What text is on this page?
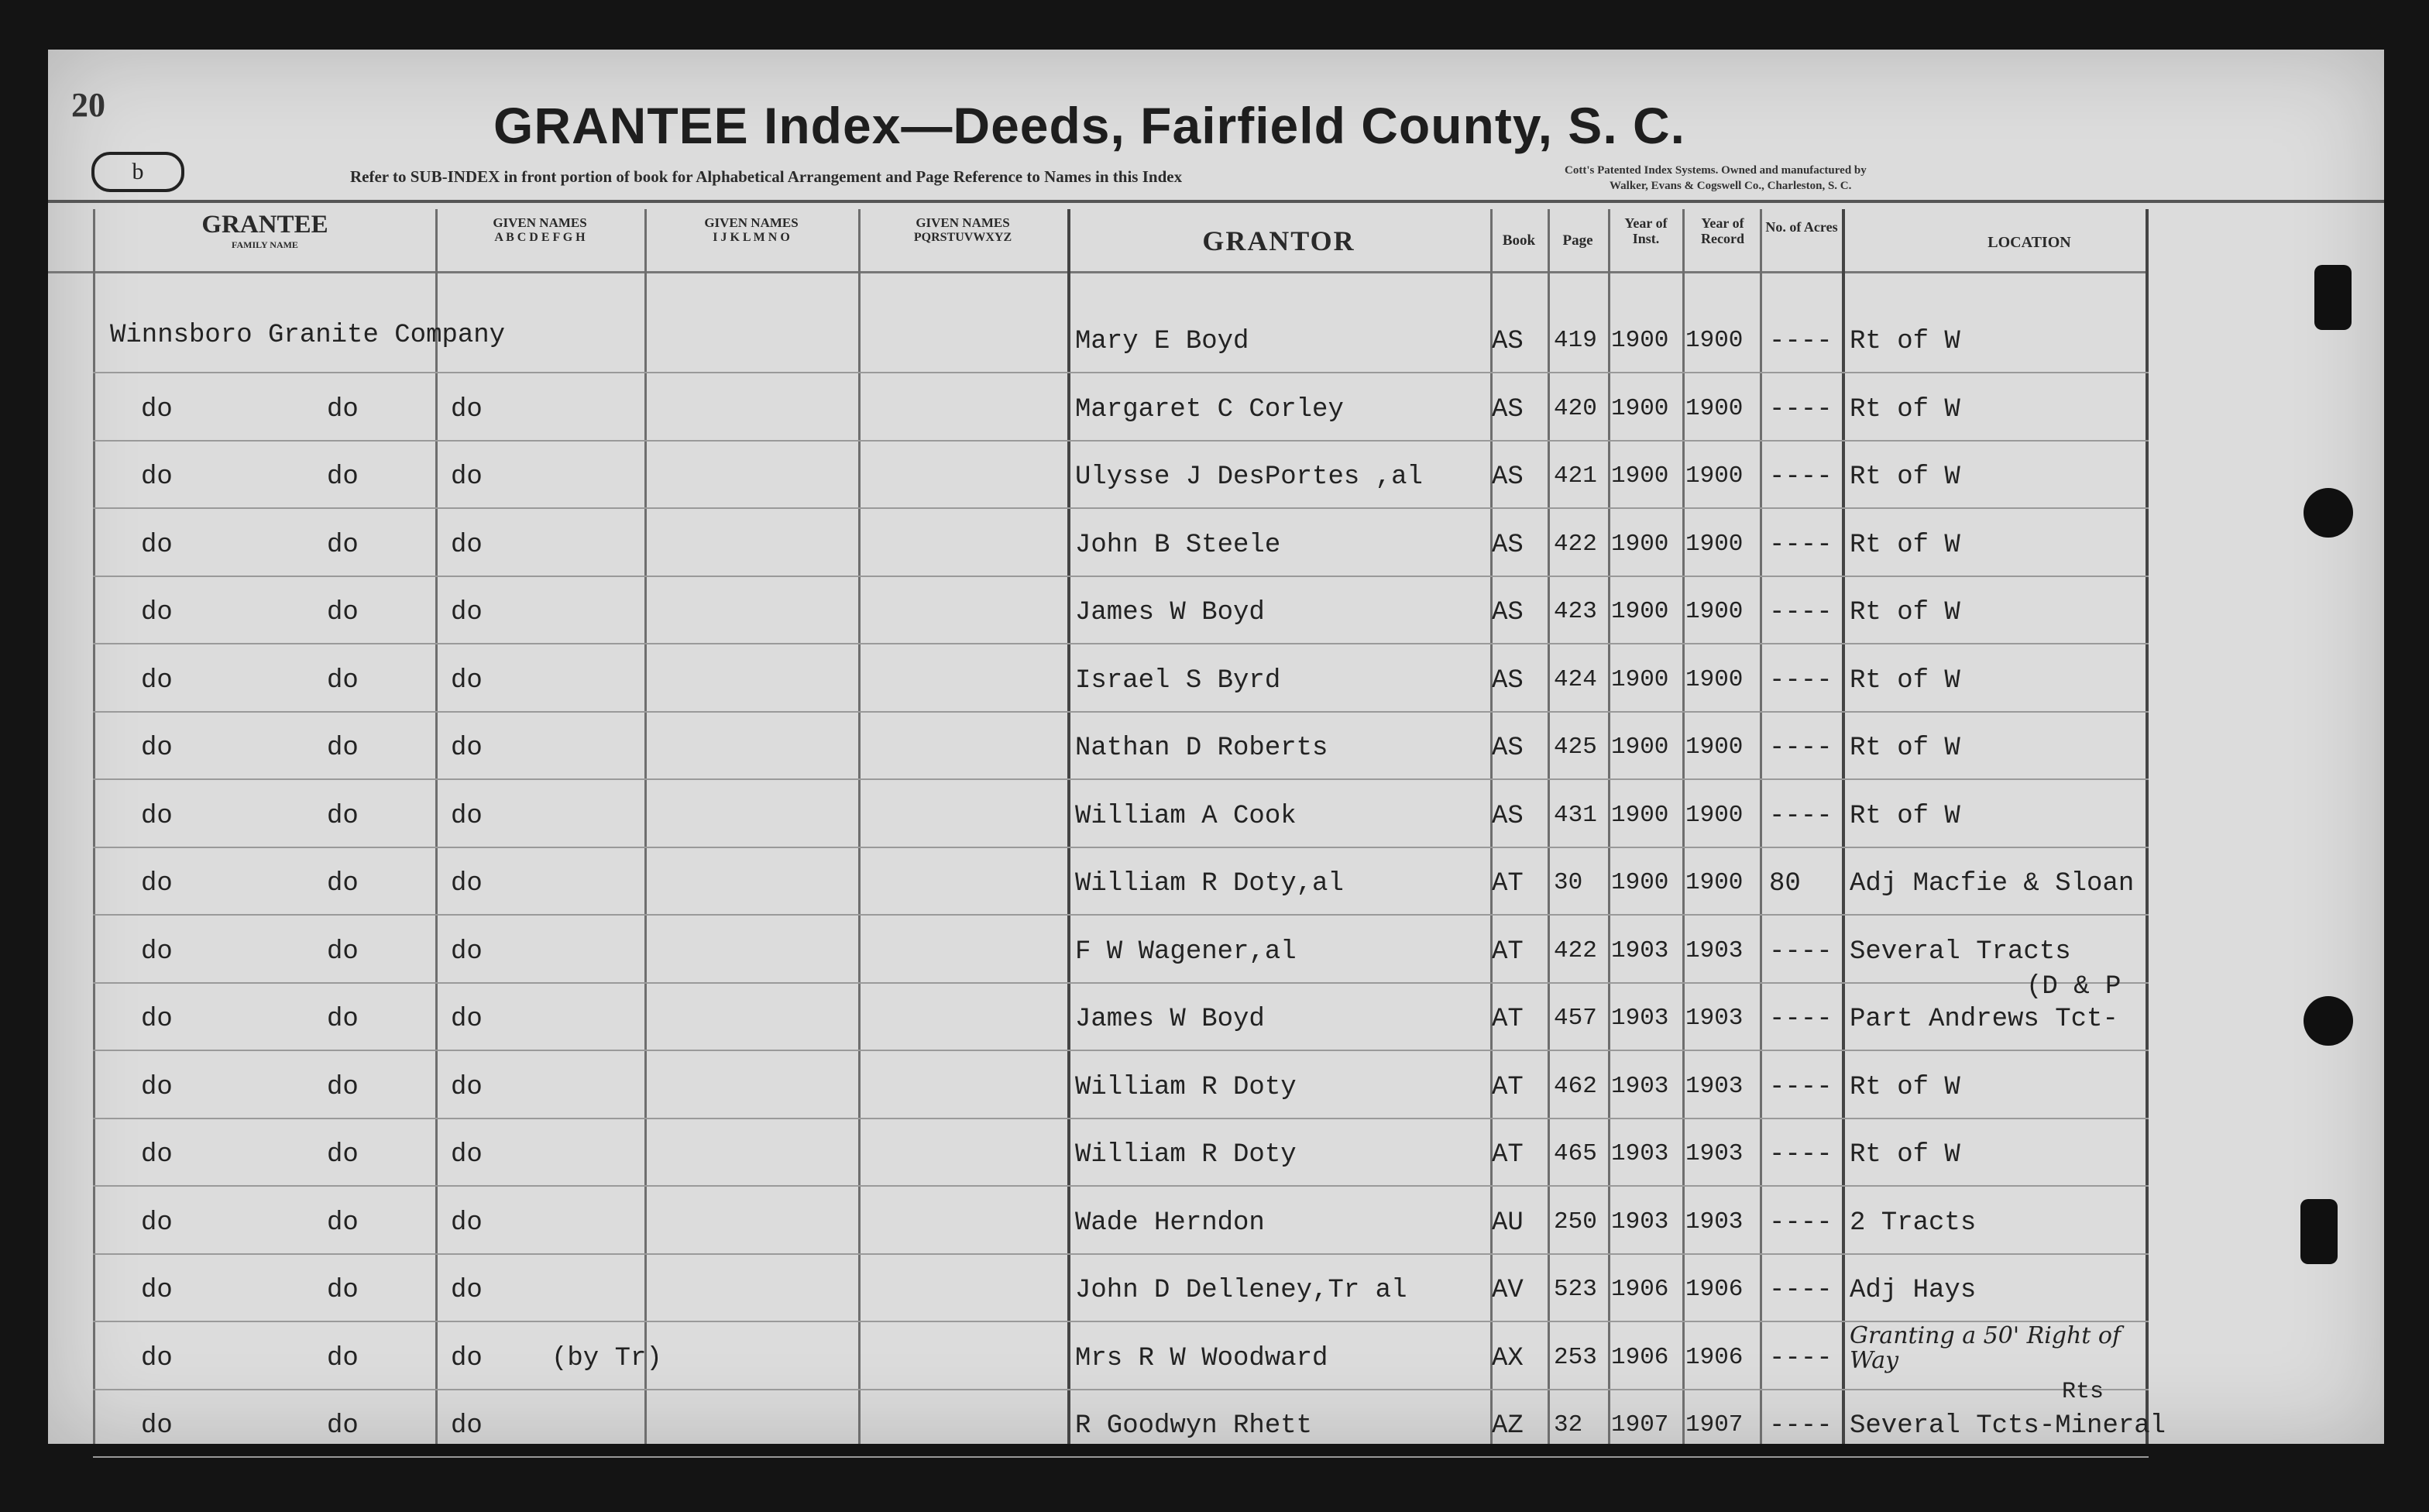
20	GRANTEE Index—Deeds, Fairfield County, S. C.
b	Refer to SUB-INDEX in front portion of book for Alphabetical Arrangement and Page Reference to Names in this Index	Cott's Patented Index Systems. Owned and manufactured by
Walker, Evans & Cogswell Co., Charleston, S. C.
GRANTEE
FAMILY NAME
GIVEN NAMES
A B C D E F G H
GIVEN NAMES
I J K L M N O
GIVEN NAMES
PQRSTUVWXYZ	GRANTOR	Book	Page
Year of Inst.
Year of Record
No. of Acres
LOCATION
Winnsboro Granite Company	Mary E Boyd	AS 419 1900 1900 ---- Rt of W
do	do	do	Margaret C Corley	AS 420 1900 1900 ---- Rt of W
do	do	do	Ulysse J DesPortes ,al	AS 421 1900 1900 ---- Rt of W
do	do	do	John B Steele	AS 422 1900 1900 ---- Rt of W
do	do	do	James W Boyd	AS 423 1900 1900 ---- Rt of W
do	do	do	Israel S Byrd	AS 424 1900 1900 ---- Rt of W
do	do	do	Nathan D Roberts	AS 425 1900 1900 ---- Rt of W
do	do	do	William A Cook	AS 431 1900 1900 ---- Rt of W
do	do	do	William R Doty,al	AT 30 1900 1900 80 Adj Macfie & Sloan
do	do	do	F W Wagener,al	AT 422 1903 1903 ---- Several Tracts
do	do	do	James W Boyd	AT 457 1903 1903 ---- Part Andrews Tct-
(D & P
do	do	do	William R Doty	AT 462 1903 1903 ---- Rt of W
do	do	do	William R Doty	AT 465 1903 1903 ---- Rt of W
do	do	do	Wade Herndon	AU 250 1903 1903 ---- 2 Tracts
do	do	do	John D Delleney,Tr al	AV 523 1906 1906 ---- Adj Hays
do	do	do	(by Tr)	Mrs R W Woodward	AX 253 1906 1906 ----
Granting a 50' Right of Way
do	do	do	R Goodwyn Rhett	AZ 32 1907 1907 ---- Several Tcts-Mineral
Rts
